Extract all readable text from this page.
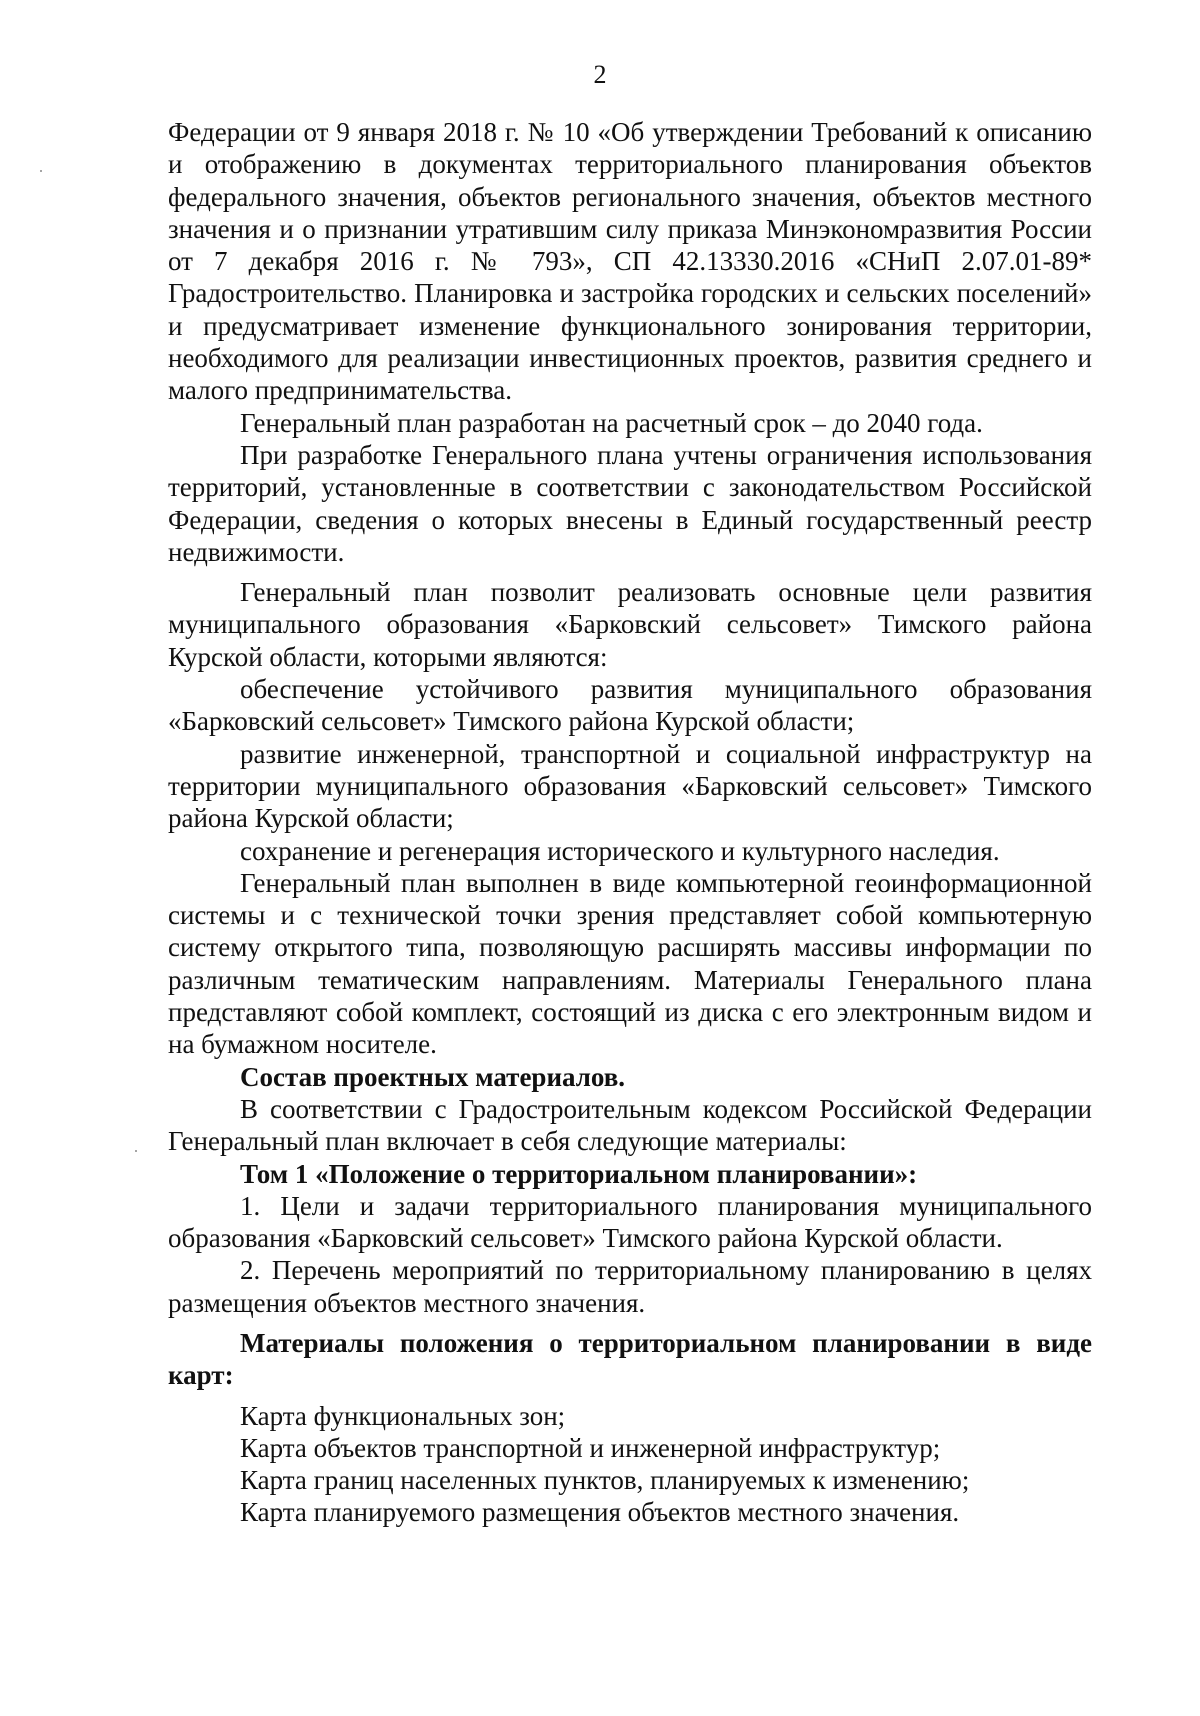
2

Федерации от 9 января 2018 г. № 10 «Об утверждении Требований к описанию и отображению в документах территориального планирования объектов федерального значения, объектов регионального значения, объектов местного значения и о признании утратившим силу приказа Минэкономразвития России от 7 декабря 2016 г. № 793», СП 42.13330.2016 «СНиП 2.07.01-89* Градостроительство. Планировка и застройка городских и сельских поселений» и предусматривает изменение функционального зонирования территории, необходимого для реализации инвестиционных проектов, развития среднего и малого предпринимательства.

Генеральный план разработан на расчетный срок – до 2040 года.

При разработке Генерального плана учтены ограничения использования территорий, установленные в соответствии с законодательством Российской Федерации, сведения о которых внесены в Единый государственный реестр недвижимости.

Генеральный план позволит реализовать основные цели развития муниципального образования «Барковский сельсовет» Тимского района Курской области, которыми являются:

обеспечение устойчивого развития муниципального образования «Барковский сельсовет» Тимского района Курской области;

развитие инженерной, транспортной и социальной инфраструктур на территории муниципального образования «Барковский сельсовет» Тимского района Курской области;

сохранение и регенерация исторического и культурного наследия.

Генеральный план выполнен в виде компьютерной геоинформационной системы и с технической точки зрения представляет собой компьютерную систему открытого типа, позволяющую расширять массивы информации по различным тематическим направлениям. Материалы Генерального плана представляют собой комплект, состоящий из диска с его электронным видом и на бумажном носителе.

Состав проектных материалов.

В соответствии с Градостроительным кодексом Российской Федерации Генеральный план включает в себя следующие материалы:

Том 1 «Положение о территориальном планировании»:

1. Цели и задачи территориального планирования муниципального образования «Барковский сельсовет» Тимского района Курской области.

2. Перечень мероприятий по территориальному планированию в целях размещения объектов местного значения.

Материалы положения о территориальном планировании в виде карт:

Карта функциональных зон;

Карта объектов транспортной и инженерной инфраструктур;

Карта границ населенных пунктов, планируемых к изменению;

Карта планируемого размещения объектов местного значения.
